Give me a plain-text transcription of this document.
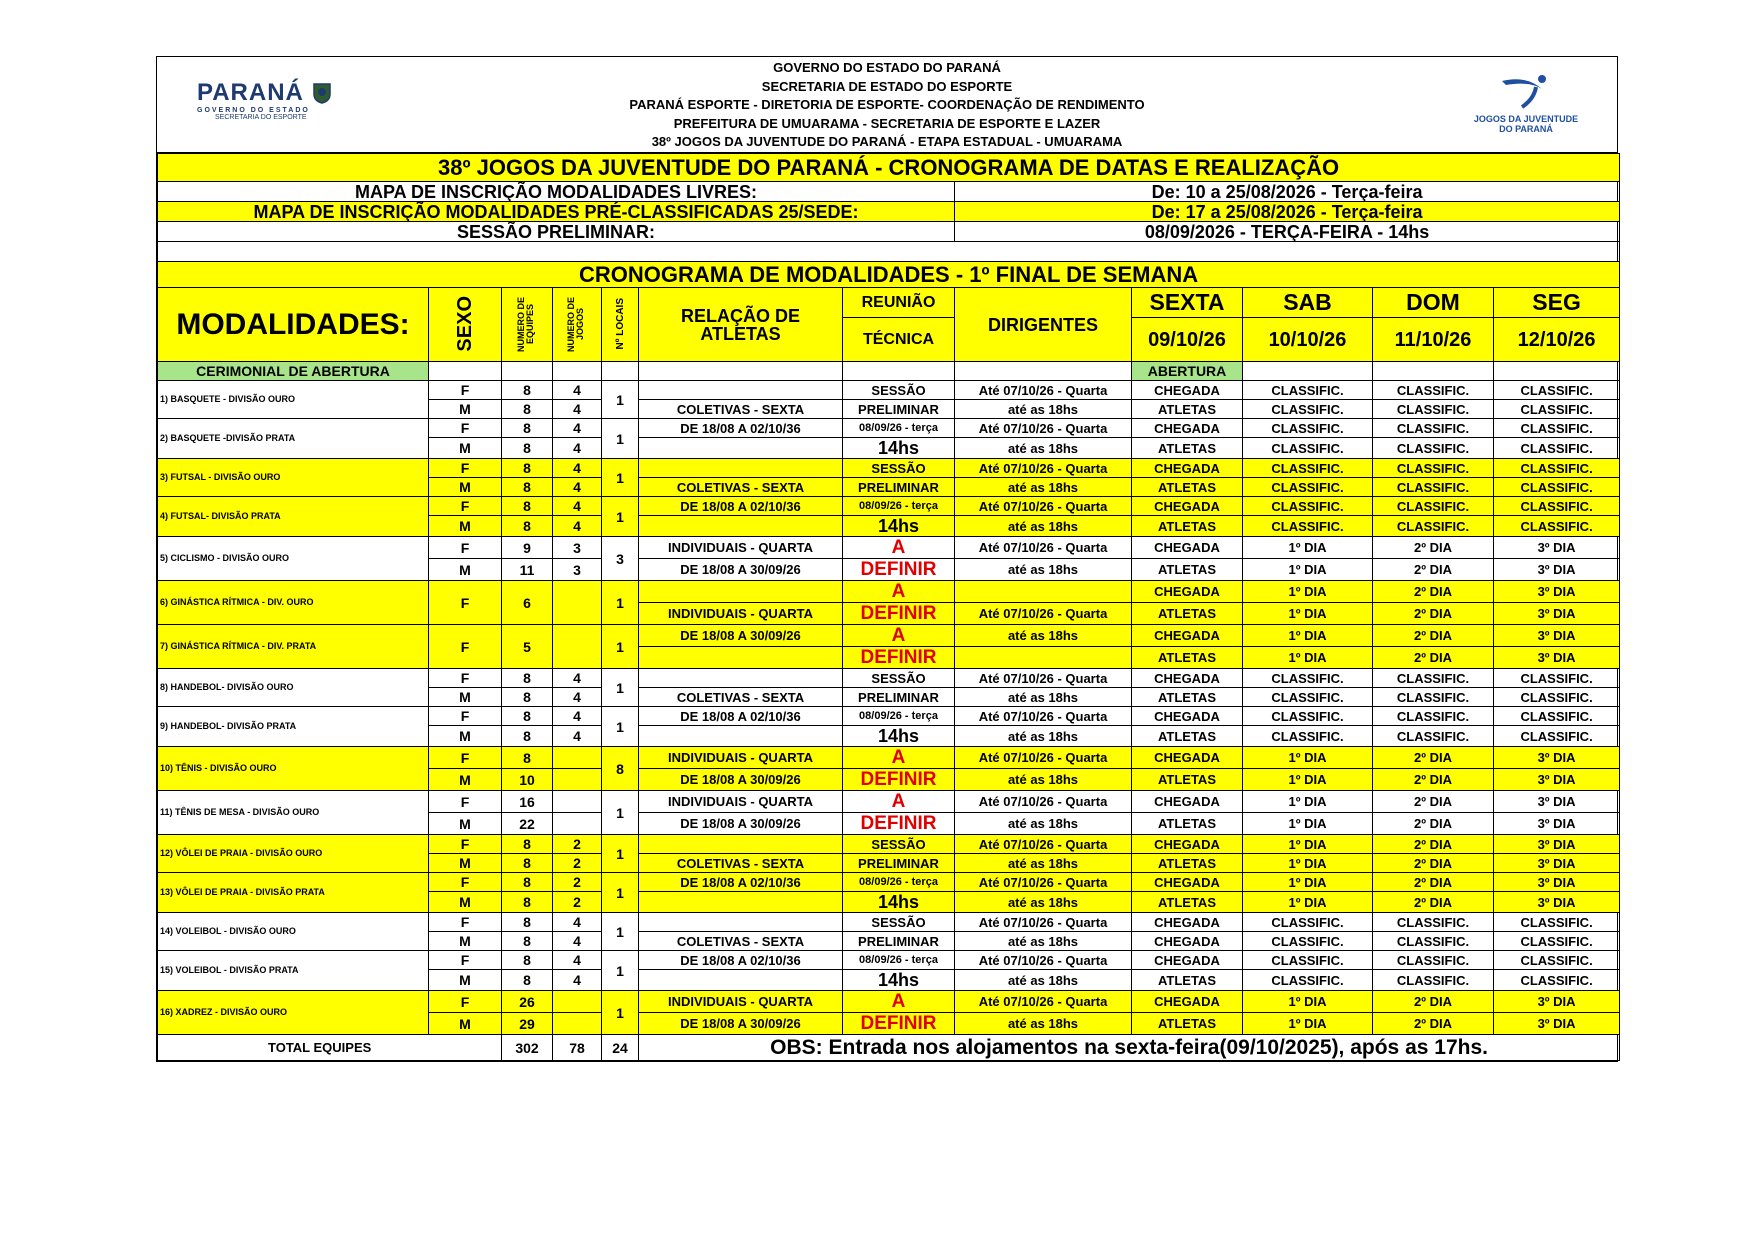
PARANÁ
GOVERNO DO ESTADO
SECRETARIA DO ESPORTE
GOVERNO DO ESTADO DO PARANÁ
SECRETARIA DE ESTADO DO ESPORTE
PARANÁ ESPORTE - DIRETORIA DE ESPORTE- COORDENAÇÃO DE RENDIMENTO
PREFEITURA DE UMUARAMA - SECRETARIA DE ESPORTE E LAZER
38º JOGOS DA JUVENTUDE DO PARANÁ - ETAPA ESTADUAL - UMUARAMA
JOGOS DA JUVENTUDE
DO PARANÁ
38º JOGOS DA JUVENTUDE DO PARANÁ - CRONOGRAMA DE DATAS E REALIZAÇÃO											
MAPA DE INSCRIÇÃO MODALIDADES LIVRES:							De: 10 a 25/08/2026 - Terça-feira				
MAPA DE INSCRIÇÃO MODALIDADES PRÉ-CLASSIFICADAS 25/SEDE:							De: 17 a 25/08/2026 - Terça-feira				
SESSÃO PRELIMINAR:							08/09/2026 - TERÇA-FEIRA - 14hs				

CRONOGRAMA DE MODALIDADES - 1º FINAL DE SEMANA											
MODALIDADES:	SEXO	NUMERO DE EQUIPES	NUMERO DE JOGOS	Nº LOCAIS	RELAÇÃO DE ATLETAS	REUNIÃO	DIRIGENTES	SEXTA	SAB	DOM	SEG
						TÉCNICA		09/10/26	10/10/26	11/10/26	12/10/26
CERIMONIAL DE ABERTURA								ABERTURA			
1) BASQUETE - DIVISÃO OURO	F	8	4	1		SESSÃO	Até 07/10/26 - Quarta	CHEGADA	CLASSIFIC.	CLASSIFIC.	CLASSIFIC.
	M	8	4		COLETIVAS - SEXTA	PRELIMINAR	até as 18hs	ATLETAS	CLASSIFIC.	CLASSIFIC.	CLASSIFIC.
2) BASQUETE -DIVISÃO PRATA	F	8	4	1	DE 18/08 A 02/10/36	08/09/26 - terça	Até 07/10/26 - Quarta	CHEGADA	CLASSIFIC.	CLASSIFIC.	CLASSIFIC.
	M	8	4			14hs	até as 18hs	ATLETAS	CLASSIFIC.	CLASSIFIC.	CLASSIFIC.
3) FUTSAL - DIVISÃO OURO	F	8	4	1		SESSÃO	Até 07/10/26 - Quarta	CHEGADA	CLASSIFIC.	CLASSIFIC.	CLASSIFIC.
	M	8	4		COLETIVAS - SEXTA	PRELIMINAR	até as 18hs	ATLETAS	CLASSIFIC.	CLASSIFIC.	CLASSIFIC.
4) FUTSAL- DIVISÃO PRATA	F	8	4	1	DE 18/08 A 02/10/36	08/09/26 - terça	Até 07/10/26 - Quarta	CHEGADA	CLASSIFIC.	CLASSIFIC.	CLASSIFIC.
	M	8	4			14hs	até as 18hs	ATLETAS	CLASSIFIC.	CLASSIFIC.	CLASSIFIC.
5) CICLISMO - DIVISÃO OURO	F	9	3	3	INDIVIDUAIS - QUARTA	A	Até 07/10/26 - Quarta	CHEGADA	1º DIA	2º DIA	3º DIA
	M	11	3		DE 18/08 A 30/09/26	DEFINIR	até as 18hs	ATLETAS	1º DIA	2º DIA	3º DIA
6) GINÁSTICA RÍTMICA - DIV. OURO	F	6		1		A		CHEGADA	1º DIA	2º DIA	3º DIA
					INDIVIDUAIS - QUARTA	DEFINIR	Até 07/10/26 - Quarta	ATLETAS	1º DIA	2º DIA	3º DIA
7) GINÁSTICA RÍTMICA - DIV. PRATA	F	5		1	DE 18/08 A 30/09/26	A	até as 18hs	CHEGADA	1º DIA	2º DIA	3º DIA
						DEFINIR		ATLETAS	1º DIA	2º DIA	3º DIA
8) HANDEBOL- DIVISÃO OURO	F	8	4	1		SESSÃO	Até 07/10/26 - Quarta	CHEGADA	CLASSIFIC.	CLASSIFIC.	CLASSIFIC.
	M	8	4		COLETIVAS - SEXTA	PRELIMINAR	até as 18hs	ATLETAS	CLASSIFIC.	CLASSIFIC.	CLASSIFIC.
9) HANDEBOL- DIVISÃO PRATA	F	8	4	1	DE 18/08 A 02/10/36	08/09/26 - terça	Até 07/10/26 - Quarta	CHEGADA	CLASSIFIC.	CLASSIFIC.	CLASSIFIC.
	M	8	4			14hs	até as 18hs	ATLETAS	CLASSIFIC.	CLASSIFIC.	CLASSIFIC.
10) TÊNIS - DIVISÃO OURO	F	8		8	INDIVIDUAIS - QUARTA	A	Até 07/10/26 - Quarta	CHEGADA	1º DIA	2º DIA	3º DIA
	M	10			DE 18/08 A 30/09/26	DEFINIR	até as 18hs	ATLETAS	1º DIA	2º DIA	3º DIA
11) TÊNIS DE MESA - DIVISÃO OURO	F	16		1	INDIVIDUAIS - QUARTA	A	Até 07/10/26 - Quarta	CHEGADA	1º DIA	2º DIA	3º DIA
	M	22			DE 18/08 A 30/09/26	DEFINIR	até as 18hs	ATLETAS	1º DIA	2º DIA	3º DIA
12) VÔLEI DE PRAIA - DIVISÃO OURO	F	8	2	1		SESSÃO	Até 07/10/26 - Quarta	CHEGADA	1º DIA	2º DIA	3º DIA
	M	8	2		COLETIVAS - SEXTA	PRELIMINAR	até as 18hs	ATLETAS	1º DIA	2º DIA	3º DIA
13) VÔLEI DE PRAIA - DIVISÃO PRATA	F	8	2	1	DE 18/08 A 02/10/36	08/09/26 - terça	Até 07/10/26 - Quarta	CHEGADA	1º DIA	2º DIA	3º DIA
	M	8	2			14hs	até as 18hs	ATLETAS	1º DIA	2º DIA	3º DIA
14) VOLEIBOL - DIVISÃO OURO	F	8	4	1		SESSÃO	Até 07/10/26 - Quarta	CHEGADA	CLASSIFIC.	CLASSIFIC.	CLASSIFIC.
	M	8	4		COLETIVAS - SEXTA	PRELIMINAR	até as 18hs	CHEGADA	CLASSIFIC.	CLASSIFIC.	CLASSIFIC.
15) VOLEIBOL - DIVISÃO PRATA	F	8	4	1	DE 18/08 A 02/10/36	08/09/26 - terça	Até 07/10/26 - Quarta	CHEGADA	CLASSIFIC.	CLASSIFIC.	CLASSIFIC.
	M	8	4			14hs	até as 18hs	ATLETAS	CLASSIFIC.	CLASSIFIC.	CLASSIFIC.
16) XADREZ - DIVISÃO OURO	F	26		1	INDIVIDUAIS - QUARTA	A	Até 07/10/26 - Quarta	CHEGADA	1º DIA	2º DIA	3º DIA
	M	29			DE 18/08 A 30/09/26	DEFINIR	até as 18hs	ATLETAS	1º DIA	2º DIA	3º DIA
TOTAL EQUIPES		302	78	24	OBS: Entrada nos alojamentos na sexta-feira(09/10/2025), após as 17hs.						
